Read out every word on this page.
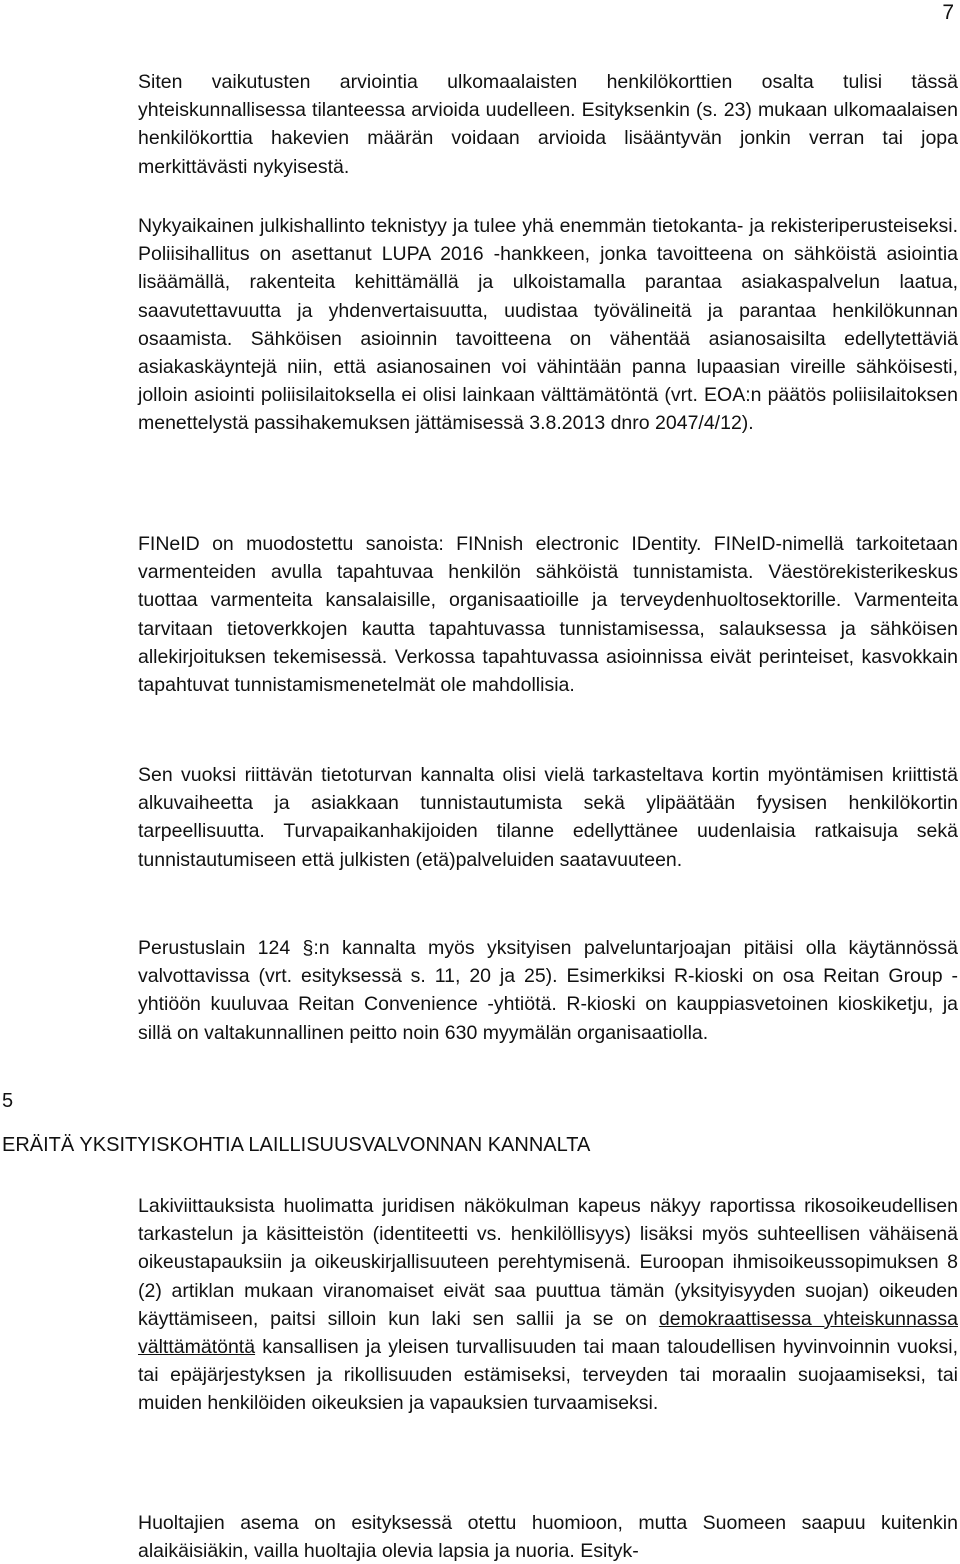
7

Siten vaikutusten arviointia ulkomaalaisten henkilökorttien osalta tulisi tässä yhteiskunnallisessa tilanteessa arvioida uudelleen. Esityksenkin (s. 23) mukaan ulkomaalaisen henkilökorttia hakevien määrän voidaan arvioida lisääntyvän jonkin verran tai jopa merkittävästi nykyisestä.

Nykyaikainen julkishallinto teknistyy ja tulee yhä enemmän tietokanta- ja rekisteriperusteiseksi. Poliisihallitus on asettanut LUPA 2016 -hankkeen, jonka tavoitteena on sähköistä asiointia lisäämällä, rakenteita kehittämällä ja ulkoistamalla parantaa asiakaspalvelun laatua, saavutettavuutta ja yhdenvertaisuutta, uudistaa työvälineitä ja parantaa henkilökunnan osaamista. Sähköisen asioinnin tavoitteena on vähentää asianosaisilta edellytettäviä asiakaskäyntejä niin, että asianosainen voi vähintään panna lupaasian vireille sähköisesti, jolloin asiointi poliisilaitoksella ei olisi lainkaan välttämätöntä (vrt. EOA:n päätös poliisilaitoksen menettelystä passihakemuksen jättämisessä 3.8.2013 dnro 2047/4/12).

FINeID on muodostettu sanoista: FINnish electronic IDentity. FINeID-nimellä tarkoitetaan varmenteiden avulla tapahtuvaa henkilön sähköistä tunnistamista. Väestörekisterikeskus tuottaa varmenteita kansalaisille, organisaatioille ja terveydenhuoltosektorille. Varmenteita tarvitaan tietoverkkojen kautta tapahtuvassa tunnistamisessa, salauksessa ja sähköisen allekirjoituksen tekemisessä. Verkossa tapahtuvassa asioinnissa eivät perinteiset, kasvokkain tapahtuvat tunnistamismenetelmät ole mahdollisia.

Sen vuoksi riittävän tietoturvan kannalta olisi vielä tarkasteltava kortin myöntämisen kriittistä alkuvaiheetta ja asiakkaan tunnistautumista sekä ylipäätään fyysisen henkilökortin tarpeellisuutta. Turvapaikanhakijoiden tilanne edellyttänee uudenlaisia ratkaisuja sekä tunnistautumiseen että julkisten (etä)palveluiden saatavuuteen.

Perustuslain 124 §:n kannalta myös yksityisen palveluntarjoajan pitäisi olla käytännössä valvottavissa (vrt. esityksessä s. 11, 20 ja 25). Esimerkiksi R-kioski on osa Reitan Group -yhtiöön kuuluvaa Reitan Convenience -yhtiötä. R-kioski on kauppiasvetoinen kioskiketju, ja sillä on valtakunnallinen peitto noin 630 myymälän organisaatiolla.

5
ERÄITÄ YKSITYISKOHTIA LAILLISUUSVALVONNAN KANNALTA

Lakiviittauksista huolimatta juridisen näkökulman kapeus näkyy raportissa rikosoikeudellisen tarkastelun ja käsitteistön (identiteetti vs. henkilöllisyys) lisäksi myös suhteellisen vähäisenä oikeustapauksiin ja oikeuskirjallisuuteen perehtymisenä. Euroopan ihmisoikeussopimuksen 8 (2) artiklan mukaan viranomaiset eivät saa puuttua tämän (yksityisyyden suojan) oikeuden käyttämiseen, paitsi silloin kun laki sen sallii ja se on demokraattisessa yhteiskunnassa välttämätöntä kansallisen ja yleisen turvallisuuden tai maan taloudellisen hyvinvoinnin vuoksi, tai epäjärjestyksen ja rikollisuuden estämiseksi, terveyden tai moraalin suojaamiseksi, tai muiden henkilöiden oikeuksien ja vapauksien turvaamiseksi.

Huoltajien asema on esityksessä otettu huomioon, mutta Suomeen saapuu kuitenkin alaikäisiäkin, vailla huoltajia olevia lapsia ja nuoria. Esityk-
